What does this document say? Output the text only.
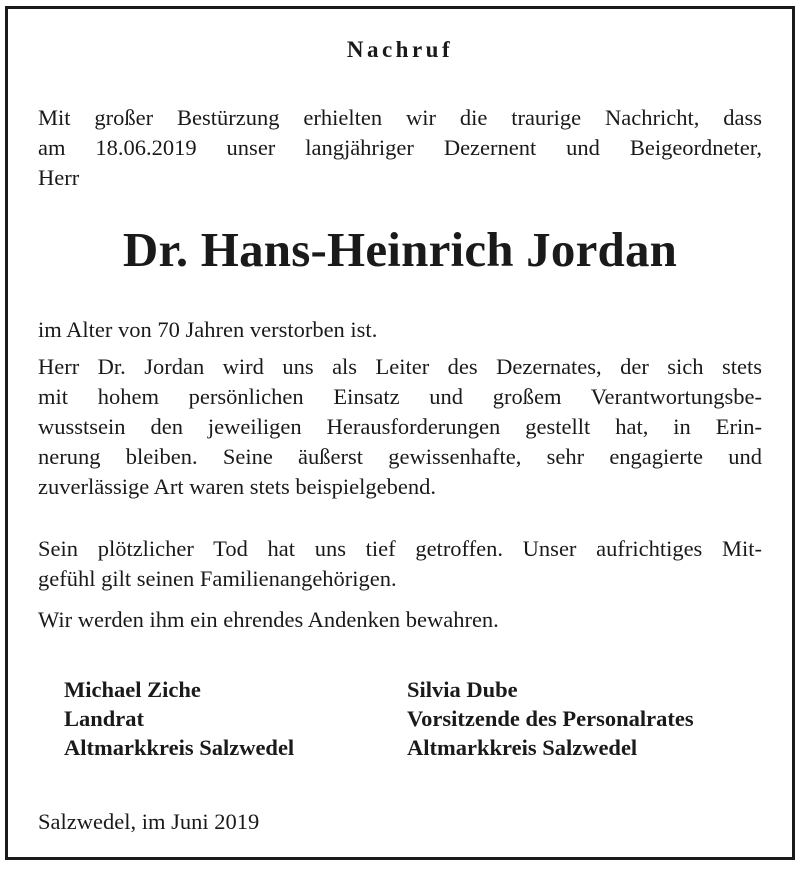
Nachruf
Mit großer Bestürzung erhielten wir die traurige Nachricht, dass
am 18.06.2019 unser langjähriger Dezernent und Beigeordneter,
Herr
Dr. Hans-Heinrich Jordan
im Alter von 70 Jahren verstorben ist.
Herr Dr. Jordan wird uns als Leiter des Dezernates, der sich stets
mit hohem persönlichen Einsatz und großem Verantwortungsbe-
wusstsein den jeweiligen Herausforderungen gestellt hat, in Erin-
nerung bleiben. Seine äußerst gewissenhafte, sehr engagierte und
zuverlässige Art waren stets beispielgebend.
Sein plötzlicher Tod hat uns tief getroffen. Unser aufrichtiges Mit-
gefühl gilt seinen Familienangehörigen.
Wir werden ihm ein ehrendes Andenken bewahren.
Michael Ziche
Landrat
Altmarkkreis Salzwedel
Silvia Dube
Vorsitzende des Personalrates
Altmarkkreis Salzwedel
Salzwedel, im Juni 2019
